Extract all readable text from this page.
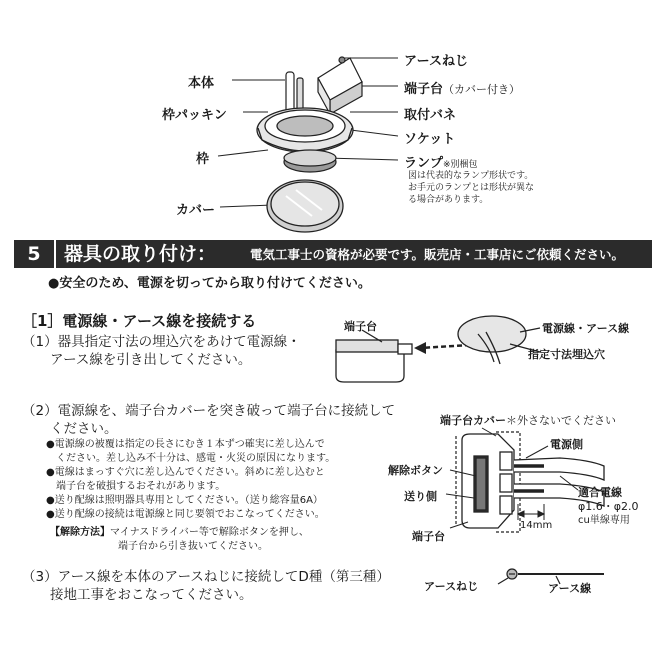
本体
枠パッキン
枠
カバー
アースねじ
端子台（カバー付き）
取付バネ
ソケット
ランプ※別梱包
図は代表的なランプ形状です。
お手元のランプとは形状が異な
る場合があります。
5	器具の取り付け：	電気工事士の資格が必要です。販売店・工事店にご依頼ください。
●安全のため、電源を切ってから取り付けてください。
［1］電源線・アース線を接続する
（1）器具指定寸法の埋込穴をあけて電源線・
アース線を引き出してください。
端子台	電源線・アース線
指定寸法埋込穴
（2）電源線を、端子台カバーを突き破って端子台に接続して
ください。
●電源線の被覆は指定の長さにむき１本ずつ確実に差し込んで
ください。差し込み不十分は、感電・火災の原因になります。
●電線はまっすぐ穴に差し込んでください。斜めに差し込むと
端子台を破損するおそれがあります。
●送り配線は照明器具専用としてください。（送り総容量6A）
●送り配線の接続は電源線と同じ要領でおこなってください。
【解除方法】マイナスドライバー等で解除ボタンを押し、
端子台から引き抜いてください。
端子台カバー＊外さないでください
電源側
解除ボタン
送り側
端子台
14mm
適合電線
φ1.6・φ2.0
cu単線専用
（3）アース線を本体のアースねじに接続してD種（第三種）
接地工事をおこなってください。
アースねじ	アース線
